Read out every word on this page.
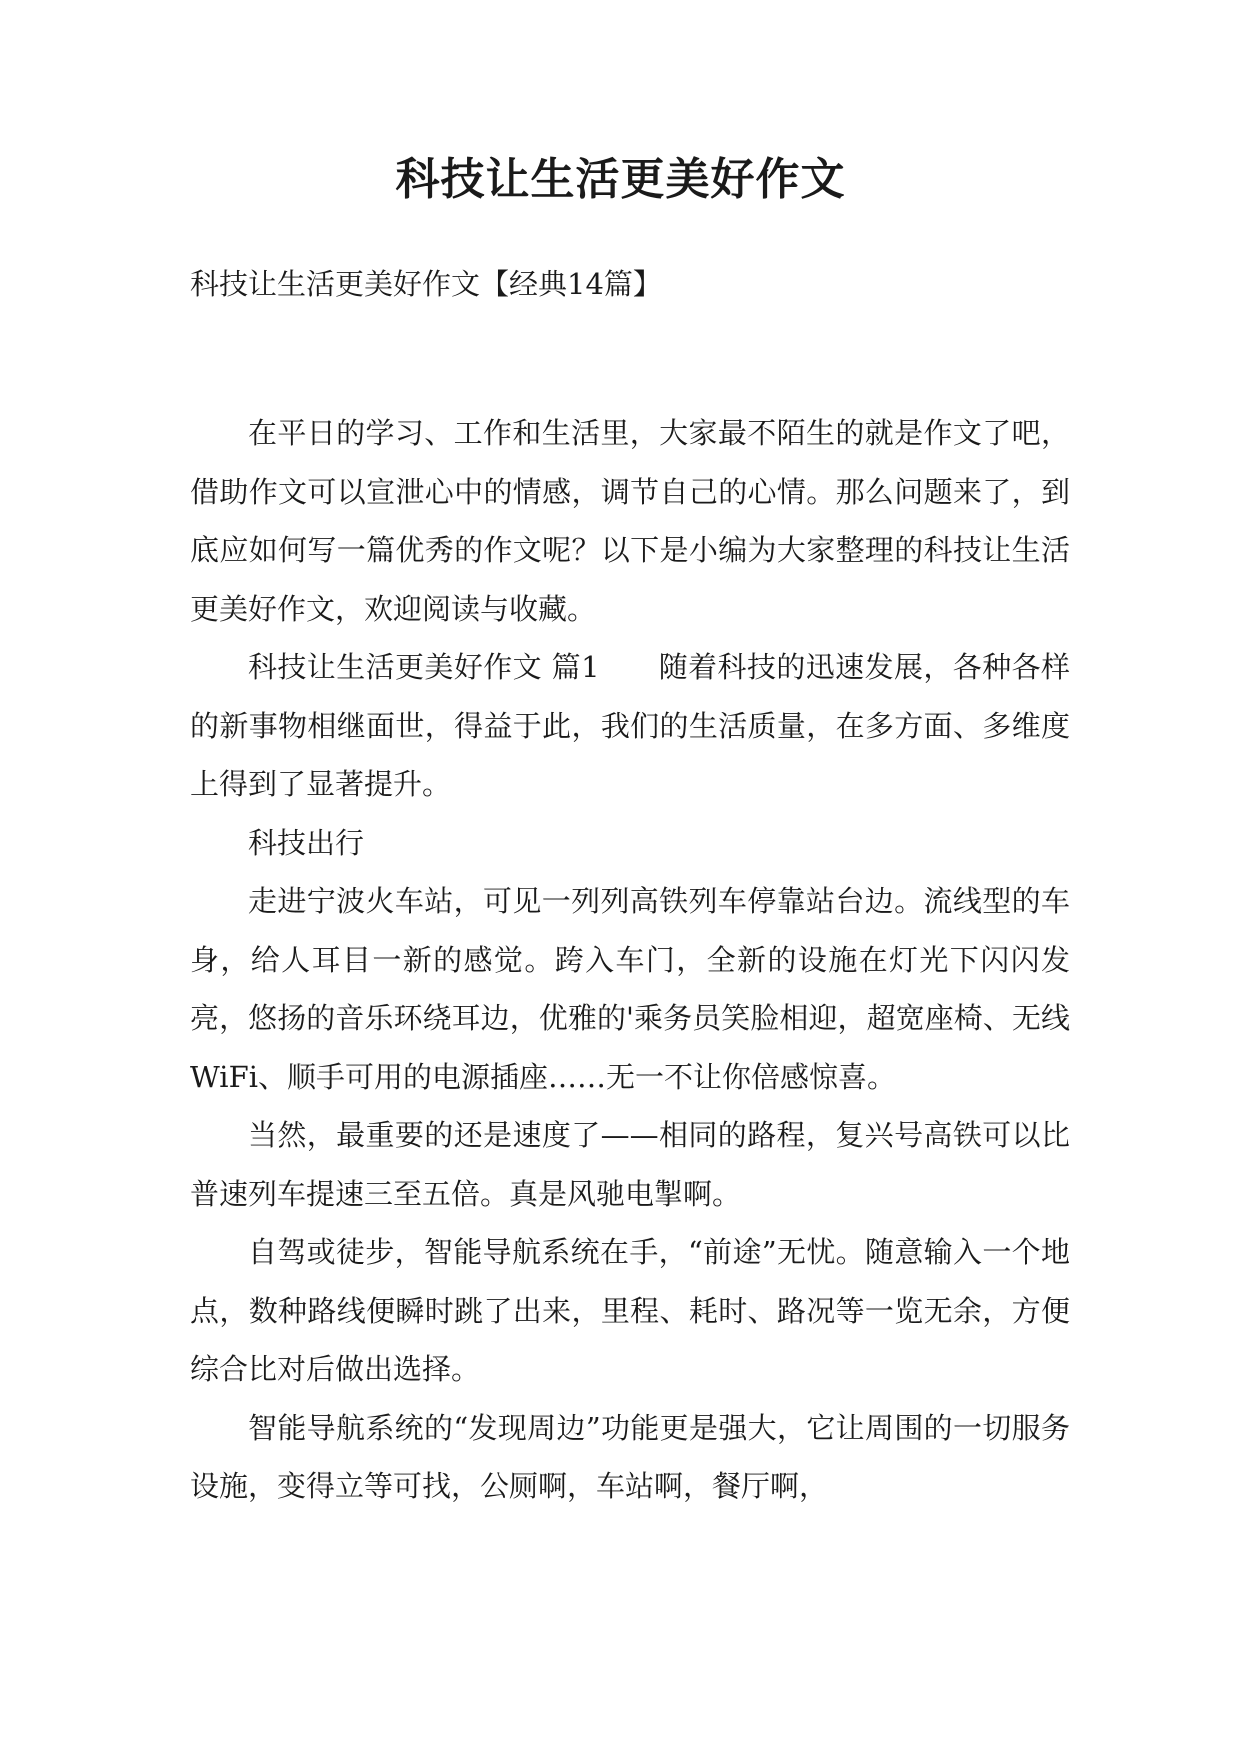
科技让生活更美好作文
科技让生活更美好作文【经典14篇】

在平日的学习、工作和生活里，大家最不陌生的就是作文了吧，借助作文可以宣泄心中的情感，调节自己的心情。那么问题来了，到底应如何写一篇优秀的作文呢？以下是小编为大家整理的科技让生活更美好作文，欢迎阅读与收藏。

科技让生活更美好作文 篇1　　随着科技的迅速发展，各种各样的新事物相继面世，得益于此，我们的生活质量，在多方面、多维度上得到了显著提升。

科技出行

走进宁波火车站，可见一列列高铁列车停靠站台边。流线型的车身，给人耳目一新的感觉。跨入车门，全新的设施在灯光下闪闪发亮，悠扬的音乐环绕耳边，优雅的'乘务员笑脸相迎，超宽座椅、无线WiFi、顺手可用的电源插座……无一不让你倍感惊喜。

当然，最重要的还是速度了——相同的路程，复兴号高铁可以比普速列车提速三至五倍。真是风驰电掣啊。

自驾或徒步，智能导航系统在手，“前途”无忧。随意输入一个地点，数种路线便瞬时跳了出来，里程、耗时、路况等一览无余，方便综合比对后做出选择。

智能导航系统的“发现周边”功能更是强大，它让周围的一切服务设施，变得立等可找，公厕啊，车站啊，餐厅啊，
